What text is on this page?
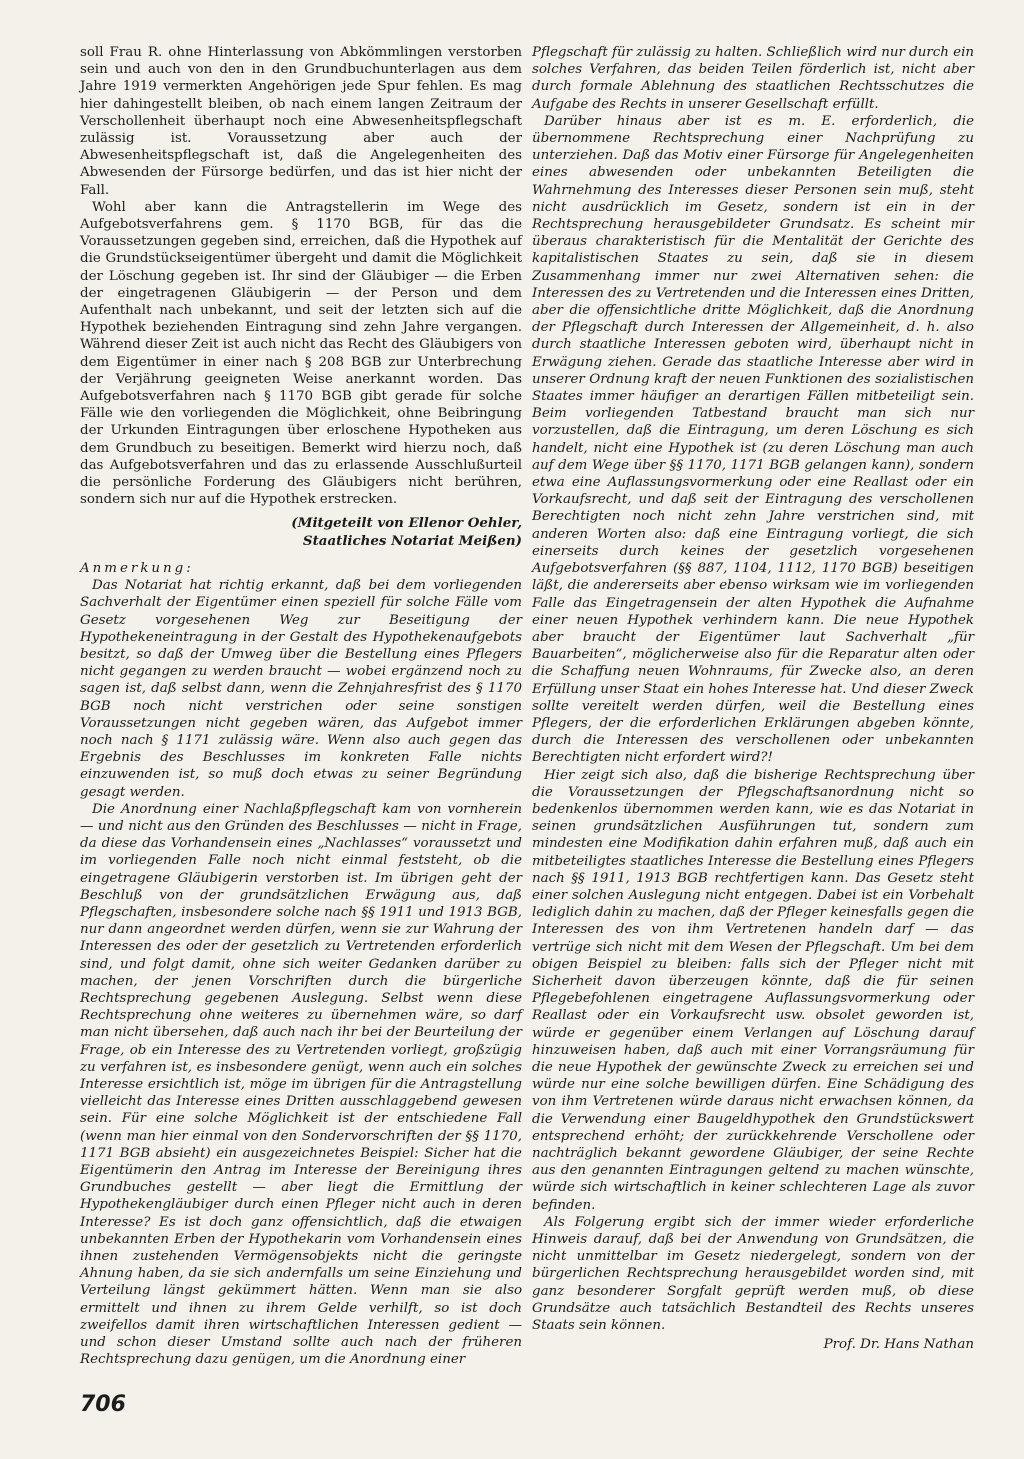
soll Frau R. ohne Hinterlassung von Abkömmlingen verstorben sein und auch von den in den Grundbuchunterlagen aus dem Jahre 1919 vermerkten Angehörigen jede Spur fehlen. Es mag hier dahingestellt bleiben, ob nach einem langen Zeitraum der Verschollenheit überhaupt noch eine Abwesenheitspflegschaft zulässig ist. Voraussetzung aber auch der Abwesenheitspflegschaft ist, daß die Angelegenheiten des Abwesenden der Fürsorge bedürfen, und das ist hier nicht der Fall.

Wohl aber kann die Antragstellerin im Wege des Aufgebotsverfahrens gem. § 1170 BGB, für das die Voraussetzungen gegeben sind, erreichen, daß die Hypothek auf die Grundstückseigentümer übergeht und damit die Möglichkeit der Löschung gegeben ist. Ihr sind der Gläubiger — die Erben der eingetragenen Gläubigerin — der Person und dem Aufenthalt nach unbekannt, und seit der letzten sich auf die Hypothek beziehenden Eintragung sind zehn Jahre vergangen. Während dieser Zeit ist auch nicht das Recht des Gläubigers von dem Eigentümer in einer nach § 208 BGB zur Unterbrechung der Verjährung geeigneten Weise anerkannt worden. Das Aufgebotsverfahren nach § 1170 BGB gibt gerade für solche Fälle wie den vorliegenden die Möglichkeit, ohne Beibringung der Urkunden Eintragungen über erloschene Hypotheken aus dem Grundbuch zu beseitigen. Bemerkt wird hierzu noch, daß das Aufgebotsverfahren und das zu erlassende Ausschlußurteil die persönliche Forderung des Gläubigers nicht berühren, sondern sich nur auf die Hypothek erstrecken.

(Mitgeteilt von Ellenor Oehler,
Staatliches Notariat Meißen)

Anmerkung:

Das Notariat hat richtig erkannt, daß bei dem vorliegenden Sachverhalt der Eigentümer einen speziell für solche Fälle vom Gesetz vorgesehenen Weg zur Beseitigung der Hypothekeneintragung in der Gestalt des Hypothekenaufgebots besitzt, so daß der Umweg über die Bestellung eines Pflegers nicht gegangen zu werden braucht — wobei ergänzend noch zu sagen ist, daß selbst dann, wenn die Zehnjahresfrist des § 1170 BGB noch nicht verstrichen oder seine sonstigen Voraussetzungen nicht gegeben wären, das Aufgebot immer noch nach § 1171 zulässig wäre. Wenn also auch gegen das Ergebnis des Beschlusses im konkreten Falle nichts einzuwenden ist, so muß doch etwas zu seiner Begründung gesagt werden.

Die Anordnung einer Nachlaßpflegschaft kam von vornherein — und nicht aus den Gründen des Beschlusses — nicht in Frage, da diese das Vorhandensein eines „Nachlasses“ voraussetzt und im vorliegenden Falle noch nicht einmal feststeht, ob die eingetragene Gläubigerin verstorben ist. Im übrigen geht der Beschluß von der grundsätzlichen Erwägung aus, daß Pflegschaften, insbesondere solche nach §§ 1911 und 1913 BGB, nur dann angeordnet werden dürfen, wenn sie zur Wahrung der Interessen des oder der gesetzlich zu Vertretenden erforderlich sind, und folgt damit, ohne sich weiter Gedanken darüber zu machen, der jenen Vorschriften durch die bürgerliche Rechtsprechung gegebenen Auslegung. Selbst wenn diese Rechtsprechung ohne weiteres zu übernehmen wäre, so darf man nicht übersehen, daß auch nach ihr bei der Beurteilung der Frage, ob ein Interesse des zu Vertretenden vorliegt, großzügig zu verfahren ist, es insbesondere genügt, wenn auch ein solches Interesse ersichtlich ist, möge im übrigen für die Antragstellung vielleicht das Interesse eines Dritten ausschlaggebend gewesen sein. Für eine solche Möglichkeit ist der entschiedene Fall (wenn man hier einmal von den Sondervorschriften der §§ 1170, 1171 BGB absieht) ein ausgezeichnetes Beispiel: Sicher hat die Eigentümerin den Antrag im Interesse der Bereinigung ihres Grundbuches gestellt — aber liegt die Ermittlung der Hypothekengläubiger durch einen Pfleger nicht auch in deren Interesse? Es ist doch ganz offensichtlich, daß die etwaigen unbekannten Erben der Hypothekarin vom Vorhandensein eines ihnen zustehenden Vermögensobjekts nicht die geringste Ahnung haben, da sie sich andernfalls um seine Einziehung und Verteilung längst gekümmert hätten. Wenn man sie also ermittelt und ihnen zu ihrem Gelde verhilft, so ist doch zweifellos damit ihren wirtschaftlichen Interessen gedient — und schon dieser Umstand sollte auch nach der früheren Rechtsprechung dazu genügen, um die Anordnung einer

Pflegschaft für zulässig zu halten. Schließlich wird nur durch ein solches Verfahren, das beiden Teilen förderlich ist, nicht aber durch formale Ablehnung des staatlichen Rechtsschutzes die Aufgabe des Rechts in unserer Gesellschaft erfüllt.

Darüber hinaus aber ist es m. E. erforderlich, die übernommene Rechtsprechung einer Nachprüfung zu unterziehen. Daß das Motiv einer Fürsorge für Angelegenheiten eines abwesenden oder unbekannten Beteiligten die Wahrnehmung des Interesses dieser Personen sein muß, steht nicht ausdrücklich im Gesetz, sondern ist ein in der Rechtsprechung herausgebildeter Grundsatz. Es scheint mir überaus charakteristisch für die Mentalität der Gerichte des kapitalistischen Staates zu sein, daß sie in diesem Zusammenhang immer nur zwei Alternativen sehen: die Interessen des zu Vertretenden und die Interessen eines Dritten, aber die offensichtliche dritte Möglichkeit, daß die Anordnung der Pflegschaft durch Interessen der Allgemeinheit, d. h. also durch staatliche Interessen geboten wird, überhaupt nicht in Erwägung ziehen. Gerade das staatliche Interesse aber wird in unserer Ordnung kraft der neuen Funktionen des sozialistischen Staates immer häufiger an derartigen Fällen mitbeteiligt sein. Beim vorliegenden Tatbestand braucht man sich nur vorzustellen, daß die Eintragung, um deren Löschung es sich handelt, nicht eine Hypothek ist (zu deren Löschung man auch auf dem Wege über §§ 1170, 1171 BGB gelangen kann), sondern etwa eine Auflassungsvormerkung oder eine Reallast oder ein Vorkaufsrecht, und daß seit der Eintragung des verschollenen Berechtigten noch nicht zehn Jahre verstrichen sind, mit anderen Worten also: daß eine Eintragung vorliegt, die sich einerseits durch keines der gesetzlich vorgesehenen Aufgebotsverfahren (§§ 887, 1104, 1112, 1170 BGB) beseitigen läßt, die andererseits aber ebenso wirksam wie im vorliegenden Falle das Eingetragensein der alten Hypothek die Aufnahme einer neuen Hypothek verhindern kann. Die neue Hypothek aber braucht der Eigentümer laut Sachverhalt „für Bauarbeiten“, möglicherweise also für die Reparatur alten oder die Schaffung neuen Wohnraums, für Zwecke also, an deren Erfüllung unser Staat ein hohes Interesse hat. Und dieser Zweck sollte vereitelt werden dürfen, weil die Bestellung eines Pflegers, der die erforderlichen Erklärungen abgeben könnte, durch die Interessen des verschollenen oder unbekannten Berechtigten nicht erfordert wird?!

Hier zeigt sich also, daß die bisherige Rechtsprechung über die Voraussetzungen der Pflegschaftsanordnung nicht so bedenkenlos übernommen werden kann, wie es das Notariat in seinen grundsätzlichen Ausführungen tut, sondern zum mindesten eine Modifikation dahin erfahren muß, daß auch ein mitbeteiligtes staatliches Interesse die Bestellung eines Pflegers nach §§ 1911, 1913 BGB rechtfertigen kann. Das Gesetz steht einer solchen Auslegung nicht entgegen. Dabei ist ein Vorbehalt lediglich dahin zu machen, daß der Pfleger keinesfalls gegen die Interessen des von ihm Vertretenen handeln darf — das vertrüge sich nicht mit dem Wesen der Pflegschaft. Um bei dem obigen Beispiel zu bleiben: falls sich der Pfleger nicht mit Sicherheit davon überzeugen könnte, daß die für seinen Pflegebefohlenen eingetragene Auflassungsvormerkung oder Reallast oder ein Vorkaufsrecht usw. obsolet geworden ist, würde er gegenüber einem Verlangen auf Löschung darauf hinzuweisen haben, daß auch mit einer Vorrangsräumung für die neue Hypothek der gewünschte Zweck zu erreichen sei und würde nur eine solche bewilligen dürfen. Eine Schädigung des von ihm Vertretenen würde daraus nicht erwachsen können, da die Verwendung einer Baugeldhypothek den Grundstückswert entsprechend erhöht; der zurückkehrende Verschollene oder nachträglich bekannt gewordene Gläubiger, der seine Rechte aus den genannten Eintragungen geltend zu machen wünschte, würde sich wirtschaftlich in keiner schlechteren Lage als zuvor befinden.

Als Folgerung ergibt sich der immer wieder erforderliche Hinweis darauf, daß bei der Anwendung von Grundsätzen, die nicht unmittelbar im Gesetz niedergelegt, sondern von der bürgerlichen Rechtsprechung herausgebildet worden sind, mit ganz besonderer Sorgfalt geprüft werden muß, ob diese Grundsätze auch tatsächlich Bestandteil des Rechts unseres Staats sein können.

Prof. Dr. Hans Nathan
706
